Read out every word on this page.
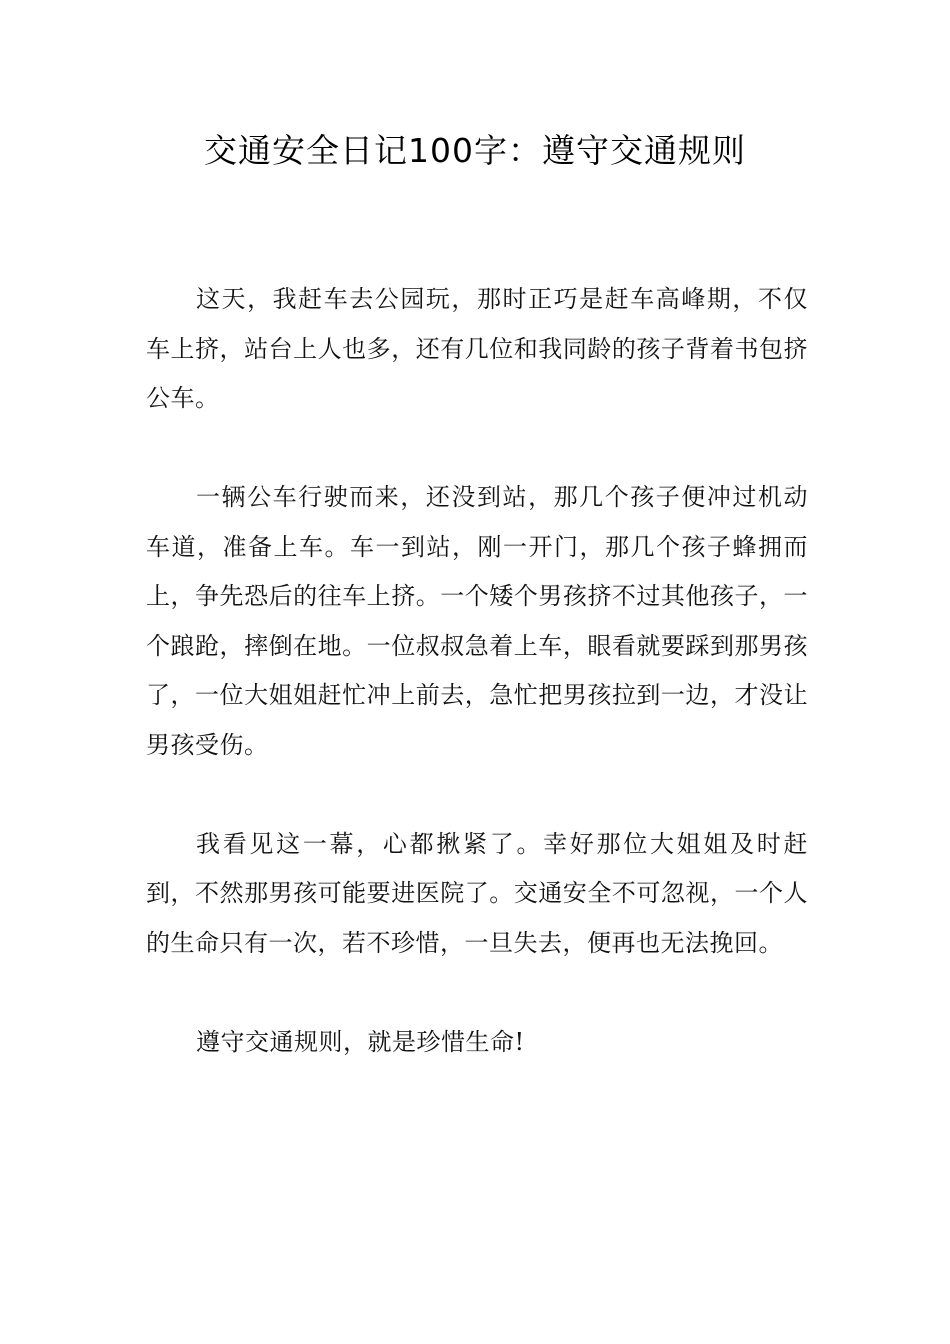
交通安全日记100字：遵守交通规则

这天，我赶车去公园玩，那时正巧是赶车高峰期，不仅车上挤，站台上人也多，还有几位和我同龄的孩子背着书包挤公车。

一辆公车行驶而来，还没到站，那几个孩子便冲过机动车道，准备上车。车一到站，刚一开门，那几个孩子蜂拥而上，争先恐后的往车上挤。一个矮个男孩挤不过其他孩子，一个踉跄，摔倒在地。一位叔叔急着上车，眼看就要踩到那男孩了，一位大姐姐赶忙冲上前去，急忙把男孩拉到一边，才没让男孩受伤。

我看见这一幕，心都揪紧了。幸好那位大姐姐及时赶到，不然那男孩可能要进医院了。交通安全不可忽视，一个人的生命只有一次，若不珍惜，一旦失去，便再也无法挽回。

遵守交通规则，就是珍惜生命!
